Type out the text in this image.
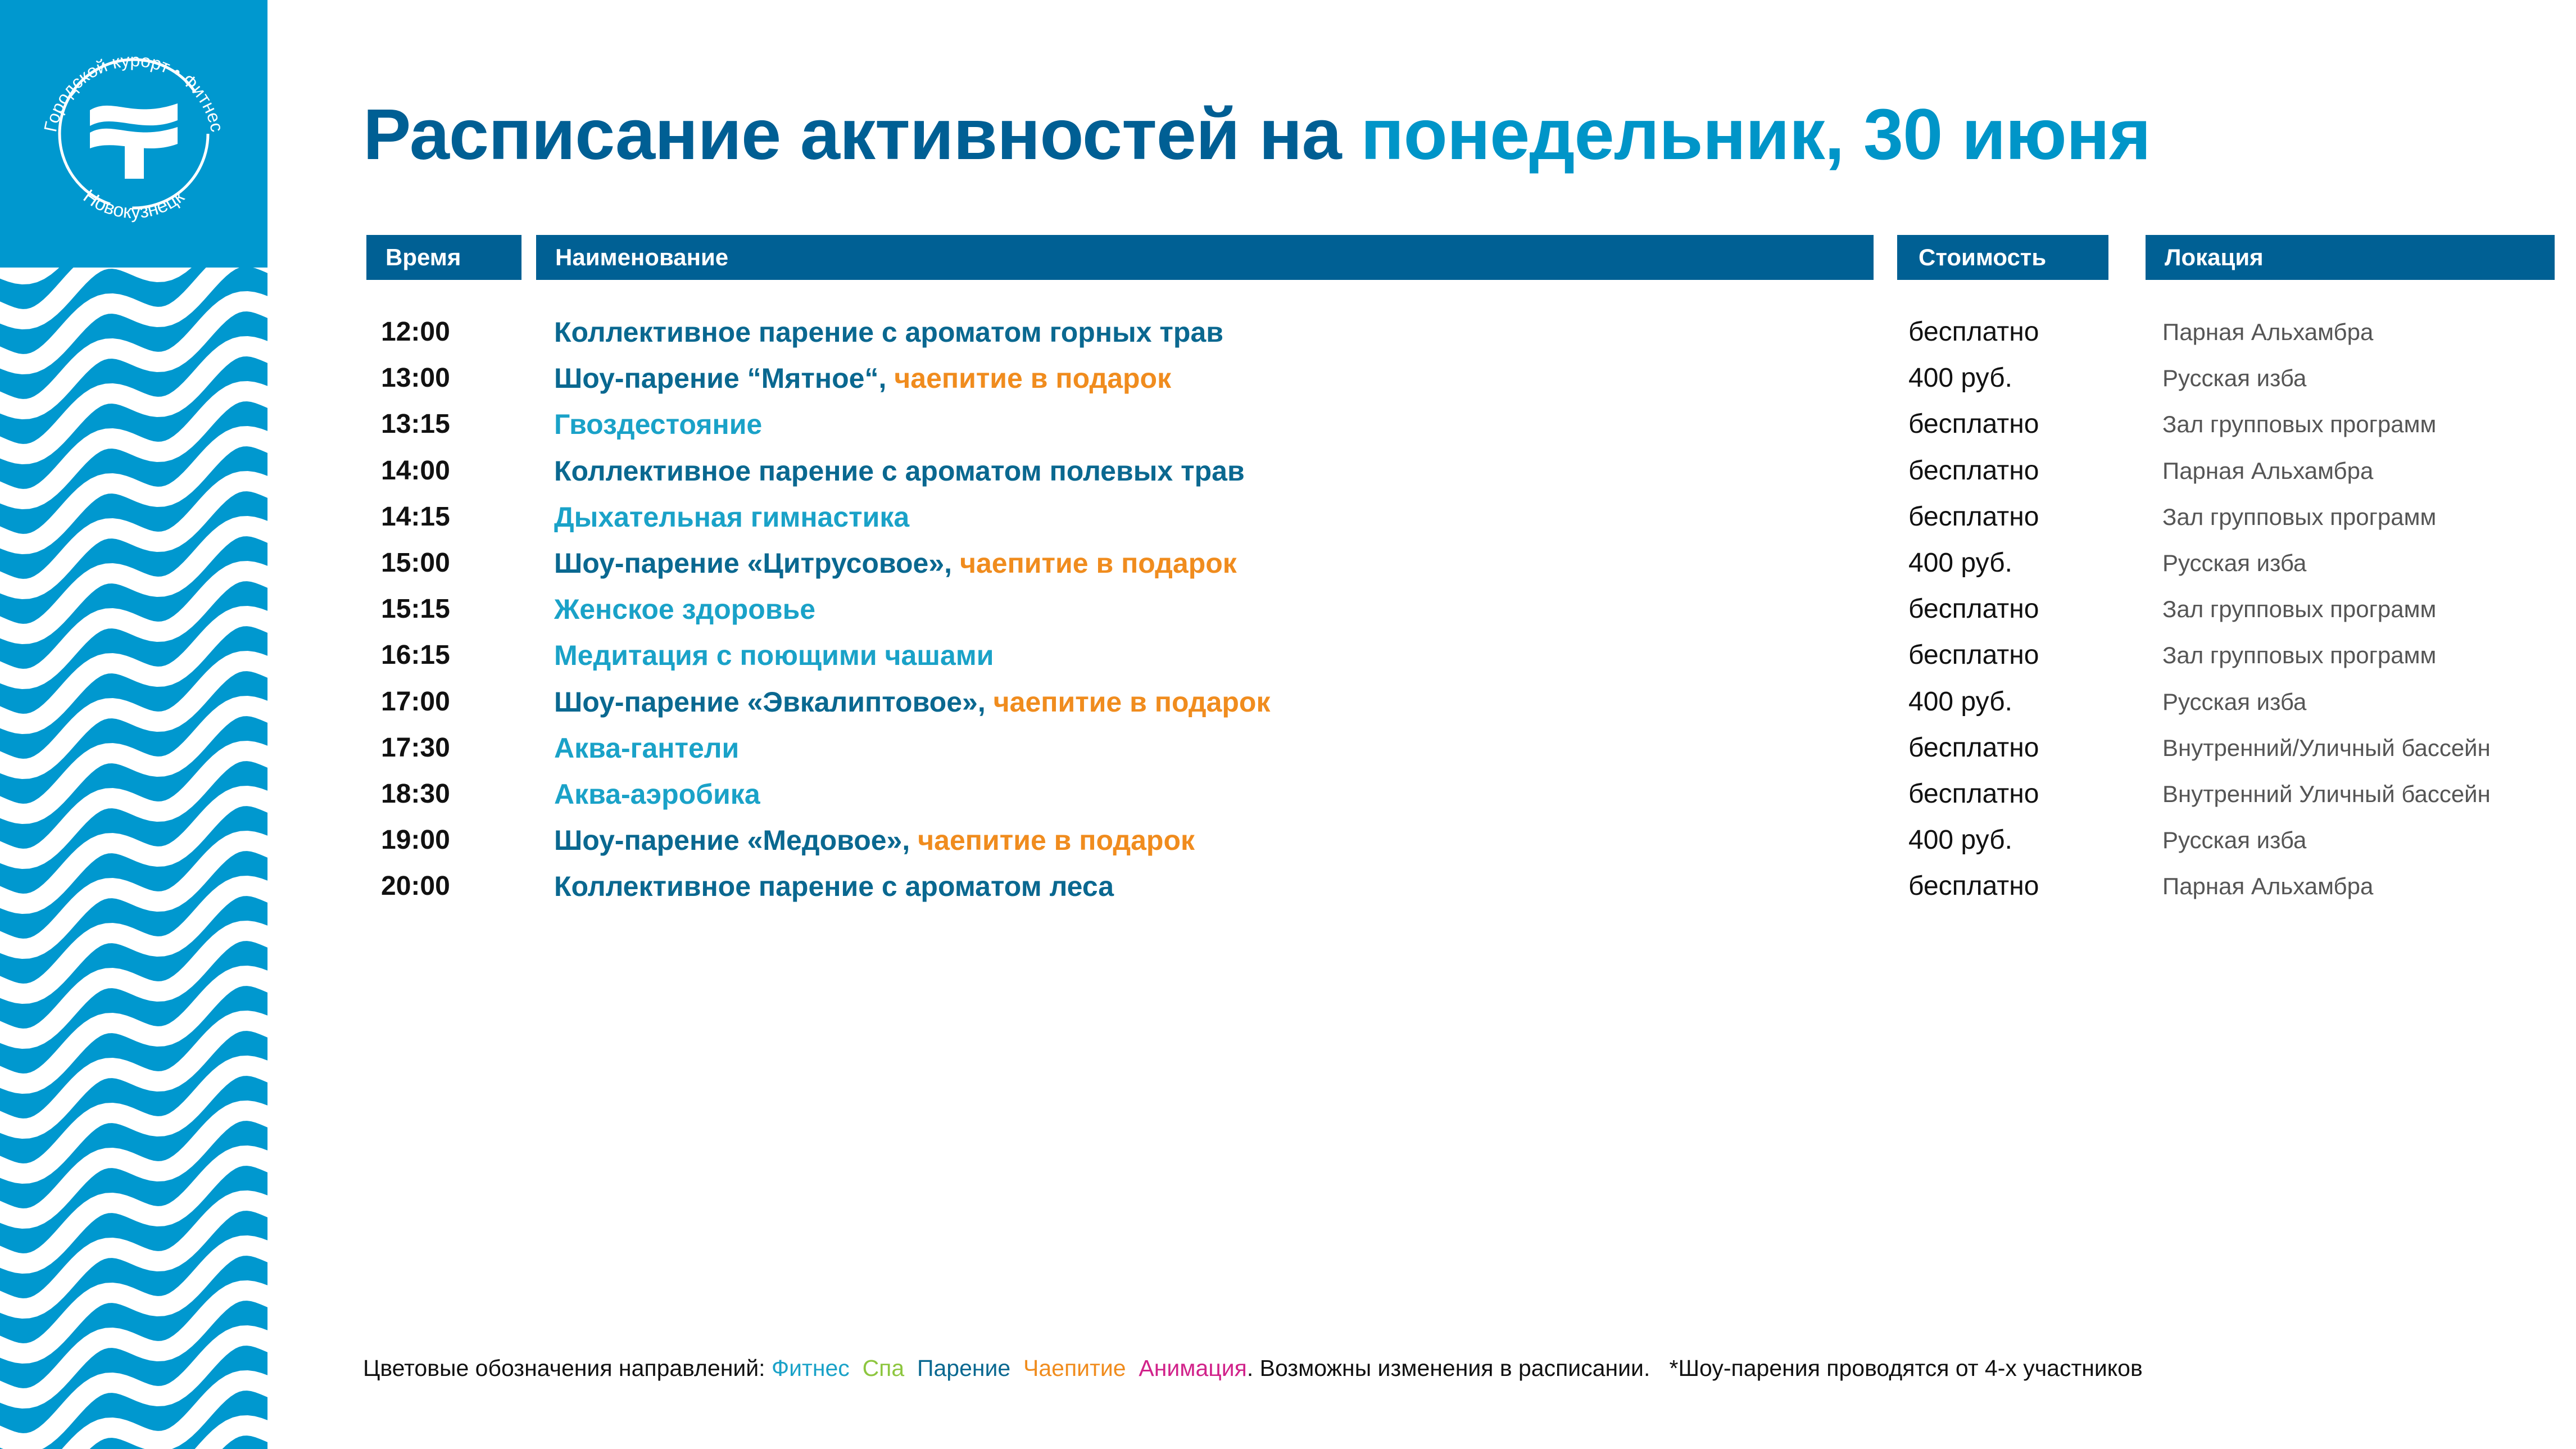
Городской курорт • Фитнес
Новокузнецк
Расписание активностей на понедельник, 30 июня
Время	Наименование	Стоимость	Локация
12:00	Коллективное парение с ароматом горных трав	бесплатно	Парная Альхамбра
13:00	Шоу-парение “Мятное“, чаепитие в подарок	400 руб.	Русская изба
13:15	Гвоздестояние	бесплатно	Зал групповых программ
14:00	Коллективное парение с ароматом полевых трав	бесплатно	Парная Альхамбра
14:15	Дыхательная гимнастика	бесплатно	Зал групповых программ
15:00	Шоу-парение «Цитрусовое», чаепитие в подарок	400 руб.	Русская изба
15:15	Женское здоровье	бесплатно	Зал групповых программ
16:15	Медитация с поющими чашами	бесплатно	Зал групповых программ
17:00	Шоу-парение «Эвкалиптовое», чаепитие в подарок	400 руб.	Русская изба
17:30	Аква-гантели	бесплатно	Внутренний/Уличный бассейн
18:30	Аква-аэробика	бесплатно	Внутренний Уличный бассейн
19:00	Шоу-парение «Медовое», чаепитие в подарок	400 руб.	Русская изба
20:00	Коллективное парение с ароматом леса	бесплатно	Парная Альхамбра
Цветовые обозначения направлений: Фитнес Спа Парение Чаепитие Анимация. Возможны изменения в расписании.   *Шоу-парения проводятся от 4-х участников
